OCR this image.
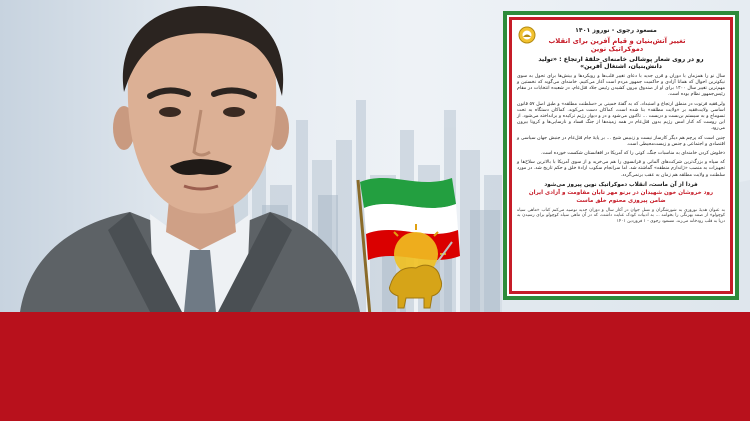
مسعود رجوی - نوروز ۱۴۰۱
تغییر آتش‌بنیان و قیام آفرین برای انقلاب دموکراتیک نوین
رو در روی شعار پوشالی خامنه‌ای حلقهٔ ارتجاع : «تولید دانش‌بنیان، اشتغال آفرین»

سال نو را همزمان با دوران و قرن جدید با دعای تغییر قلب‌ها و رویکردها و بینش‌ها برای تحول به سوی نیکوترین احوال که همانا آزادی و حاکمیت جمهور مردم است آغاز می‌کنیم. خامنه‌ای می‌گوید که نخستین و مهم‌ترین تغییر سال ۱۴۰۰ برای او از صندوق بیرون کشیدن رئیس جلاد قتل‌عام، در شعبده انتخابات در مقام رئیس‌جمهور نظام بوده است.

ولی‌فقیه فرتوت در منطق ارتجاع و استبداد، که به گفتهٔ خمینی بر «سلطنت مطلقه» و طبق اصل ۵۷ قانون اساسی ولایت‌فقیه بر «ولایت مطلقه» بنا شده است، کماکان دست می‌کوبد. کماکان دستگاه به تحت تسوماج و به سیستم بن‌بست و دربست ... تاکنون می‌شود و در و دیوار رژیم ترکیده و برانداخته می‌شود. از این روست که کنار امس رژیم بدون قتل‌عام در همه زمینه‌ها از جنگ فساد و نارسایی‌ها و کرونا بیرون می‌رود.

چنین است که پرچم هم دیگر کارساز نیست و زنبیس شیخ ... بر پایهٔ جام قتل‌عام در جنبش جهان سیاسی و اقتصادی و اجتماعی و جنس و زیست‌محیطی است.

ذخلوش کردن خامنه‌ای به مناسبات جنگ، کوتی را که آمریکا در افغانستان شکست خورده است.

که سپاه و بزرگ‌ترین شرکت‌های آلمانی و فرانسوی را هم می‌خرید و از سوی آمریکا با بالاترین سلاح‌ها و تجهیزات به منصب «ژاندارم منطقه» گماشته شد. اما سرانجام سکوب ارادهٔ خلق و حکم تاریخ شد. در مورد سلطنت و ولایت مطلقه هم زمان به عقب برنمی‌گردد.

فردا از آن ماست، انقلاب دموکراتیک نوین پیروز می‌شود
رود خروشان خون شهیدان در برنو مهر تابان مقاومت و آزادی ایران
ضامن پیروزی محتوم خلق ماست

به عنوان هدیهٔ نوروزی به شورشگران و نسل جوان در آغاز سال و دوران جدید توصیه می‌کنم کتاب «ماهی سیاه کوچولو» از صمد بهرنگی را بخوانند ... به ادبیات کودک عنایت داشت، که در آن ماهی سیاه کوچولو برای رسیدن به دریا به قلب رودخانه می‌زند. مسعود رجوی - ۱ فروردین ۱۴۰۱
